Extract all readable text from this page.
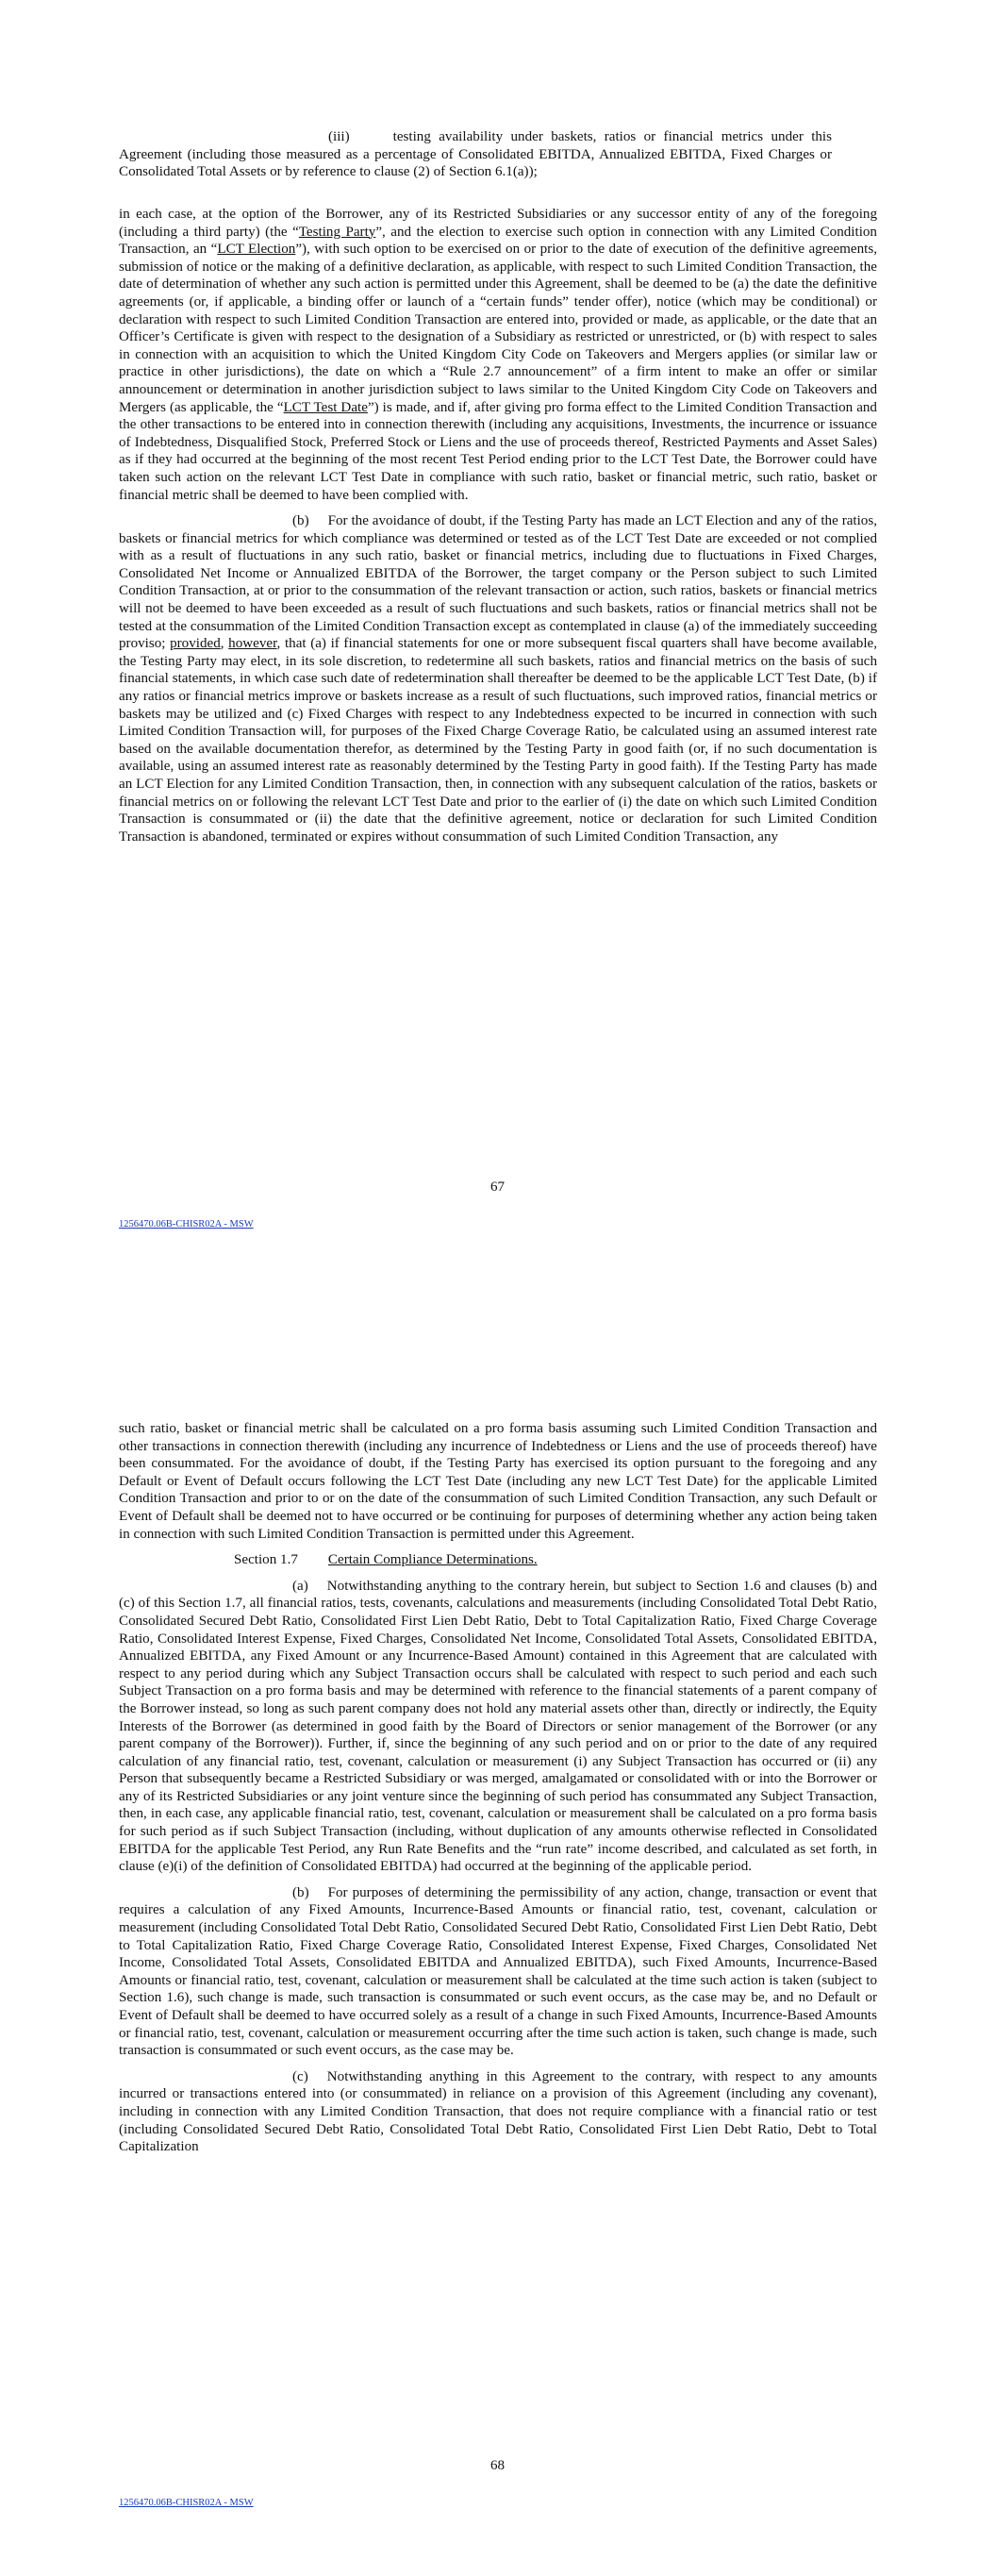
(iii)	testing availability under baskets, ratios or financial metrics under this Agreement (including those measured as a percentage of Consolidated EBITDA, Annualized EBITDA, Fixed Charges or Consolidated Total Assets or by reference to clause (2) of Section 6.1(a));

in each case, at the option of the Borrower, any of its Restricted Subsidiaries or any successor entity of any of the foregoing (including a third party) (the “Testing Party”, and the election to exercise such option in connection with any Limited Condition Transaction, an “LCT Election”), with such option to be exercised on or prior to the date of execution of the definitive agreements, submission of notice or the making of a definitive declaration, as applicable, with respect to such Limited Condition Transaction, the date of determination of whether any such action is permitted under this Agreement, shall be deemed to be (a) the date the definitive agreements (or, if applicable, a binding offer or launch of a “certain funds” tender offer), notice (which may be conditional) or declaration with respect to such Limited Condition Transaction are entered into, provided or made, as applicable, or the date that an Officer’s Certificate is given with respect to the designation of a Subsidiary as restricted or unrestricted, or (b) with respect to sales in connection with an acquisition to which the United Kingdom City Code on Takeovers and Mergers applies (or similar law or practice in other jurisdictions), the date on which a “Rule 2.7 announcement” of a firm intent to make an offer or similar announcement or determination in another jurisdiction subject to laws similar to the United Kingdom City Code on Takeovers and Mergers (as applicable, the “LCT Test Date”) is made, and if, after giving pro forma effect to the Limited Condition Transaction and the other transactions to be entered into in connection therewith (including any acquisitions, Investments, the incurrence or issuance of Indebtedness, Disqualified Stock, Preferred Stock or Liens and the use of proceeds thereof, Restricted Payments and Asset Sales) as if they had occurred at the beginning of the most recent Test Period ending prior to the LCT Test Date, the Borrower could have taken such action on the relevant LCT Test Date in compliance with such ratio, basket or financial metric, such ratio, basket or financial metric shall be deemed to have been complied with.

(b) For the avoidance of doubt, if the Testing Party has made an LCT Election and any of the ratios, baskets or financial metrics for which compliance was determined or tested as of the LCT Test Date are exceeded or not complied with as a result of fluctuations in any such ratio, basket or financial metrics, including due to fluctuations in Fixed Charges, Consolidated Net Income or Annualized EBITDA of the Borrower, the target company or the Person subject to such Limited Condition Transaction, at or prior to the consummation of the relevant transaction or action, such ratios, baskets or financial metrics will not be deemed to have been exceeded as a result of such fluctuations and such baskets, ratios or financial metrics shall not be tested at the consummation of the Limited Condition Transaction except as contemplated in clause (a) of the immediately succeeding proviso; provided, however, that (a) if financial statements for one or more subsequent fiscal quarters shall have become available, the Testing Party may elect, in its sole discretion, to redetermine all such baskets, ratios and financial metrics on the basis of such financial statements, in which case such date of redetermination shall thereafter be deemed to be the applicable LCT Test Date, (b) if any ratios or financial metrics improve or baskets increase as a result of such fluctuations, such improved ratios, financial metrics or baskets may be utilized and (c) Fixed Charges with respect to any Indebtedness expected to be incurred in connection with such Limited Condition Transaction will, for purposes of the Fixed Charge Coverage Ratio, be calculated using an assumed interest rate based on the available documentation therefor, as determined by the Testing Party in good faith (or, if no such documentation is available, using an assumed interest rate as reasonably determined by the Testing Party in good faith). If the Testing Party has made an LCT Election for any Limited Condition Transaction, then, in connection with any subsequent calculation of the ratios, baskets or financial metrics on or following the relevant LCT Test Date and prior to the earlier of (i) the date on which such Limited Condition Transaction is consummated or (ii) the date that the definitive agreement, notice or declaration for such Limited Condition Transaction is abandoned, terminated or expires without consummation of such Limited Condition Transaction, any

67
1256470.06B-CHISR02A - MSW

such ratio, basket or financial metric shall be calculated on a pro forma basis assuming such Limited Condition Transaction and other transactions in connection therewith (including any incurrence of Indebtedness or Liens and the use of proceeds thereof) have been consummated. For the avoidance of doubt, if the Testing Party has exercised its option pursuant to the foregoing and any Default or Event of Default occurs following the LCT Test Date (including any new LCT Test Date) for the applicable Limited Condition Transaction and prior to or on the date of the consummation of such Limited Condition Transaction, any such Default or Event of Default shall be deemed not to have occurred or be continuing for purposes of determining whether any action being taken in connection with such Limited Condition Transaction is permitted under this Agreement.

Section 1.7 Certain Compliance Determinations.

(a) Notwithstanding anything to the contrary herein, but subject to Section 1.6 and clauses (b) and (c) of this Section 1.7, all financial ratios, tests, covenants, calculations and measurements (including Consolidated Total Debt Ratio, Consolidated Secured Debt Ratio, Consolidated First Lien Debt Ratio, Debt to Total Capitalization Ratio, Fixed Charge Coverage Ratio, Consolidated Interest Expense, Fixed Charges, Consolidated Net Income, Consolidated Total Assets, Consolidated EBITDA, Annualized EBITDA, any Fixed Amount or any Incurrence-Based Amount) contained in this Agreement that are calculated with respect to any period during which any Subject Transaction occurs shall be calculated with respect to such period and each such Subject Transaction on a pro forma basis and may be determined with reference to the financial statements of a parent company of the Borrower instead, so long as such parent company does not hold any material assets other than, directly or indirectly, the Equity Interests of the Borrower (as determined in good faith by the Board of Directors or senior management of the Borrower (or any parent company of the Borrower)). Further, if, since the beginning of any such period and on or prior to the date of any required calculation of any financial ratio, test, covenant, calculation or measurement (i) any Subject Transaction has occurred or (ii) any Person that subsequently became a Restricted Subsidiary or was merged, amalgamated or consolidated with or into the Borrower or any of its Restricted Subsidiaries or any joint venture since the beginning of such period has consummated any Subject Transaction, then, in each case, any applicable financial ratio, test, covenant, calculation or measurement shall be calculated on a pro forma basis for such period as if such Subject Transaction (including, without duplication of any amounts otherwise reflected in Consolidated EBITDA for the applicable Test Period, any Run Rate Benefits and the “run rate” income described, and calculated as set forth, in clause (e)(i) of the definition of Consolidated EBITDA) had occurred at the beginning of the applicable period.

(b) For purposes of determining the permissibility of any action, change, transaction or event that requires a calculation of any Fixed Amounts, Incurrence-Based Amounts or financial ratio, test, covenant, calculation or measurement (including Consolidated Total Debt Ratio, Consolidated Secured Debt Ratio, Consolidated First Lien Debt Ratio, Debt to Total Capitalization Ratio, Fixed Charge Coverage Ratio, Consolidated Interest Expense, Fixed Charges, Consolidated Net Income, Consolidated Total Assets, Consolidated EBITDA and Annualized EBITDA), such Fixed Amounts, Incurrence-Based Amounts or financial ratio, test, covenant, calculation or measurement shall be calculated at the time such action is taken (subject to Section 1.6), such change is made, such transaction is consummated or such event occurs, as the case may be, and no Default or Event of Default shall be deemed to have occurred solely as a result of a change in such Fixed Amounts, Incurrence-Based Amounts or financial ratio, test, covenant, calculation or measurement occurring after the time such action is taken, such change is made, such transaction is consummated or such event occurs, as the case may be.

(c) Notwithstanding anything in this Agreement to the contrary, with respect to any amounts incurred or transactions entered into (or consummated) in reliance on a provision of this Agreement (including any covenant), including in connection with any Limited Condition Transaction, that does not require compliance with a financial ratio or test (including Consolidated Secured Debt Ratio, Consolidated Total Debt Ratio, Consolidated First Lien Debt Ratio, Debt to Total Capitalization

68
1256470.06B-CHISR02A - MSW
